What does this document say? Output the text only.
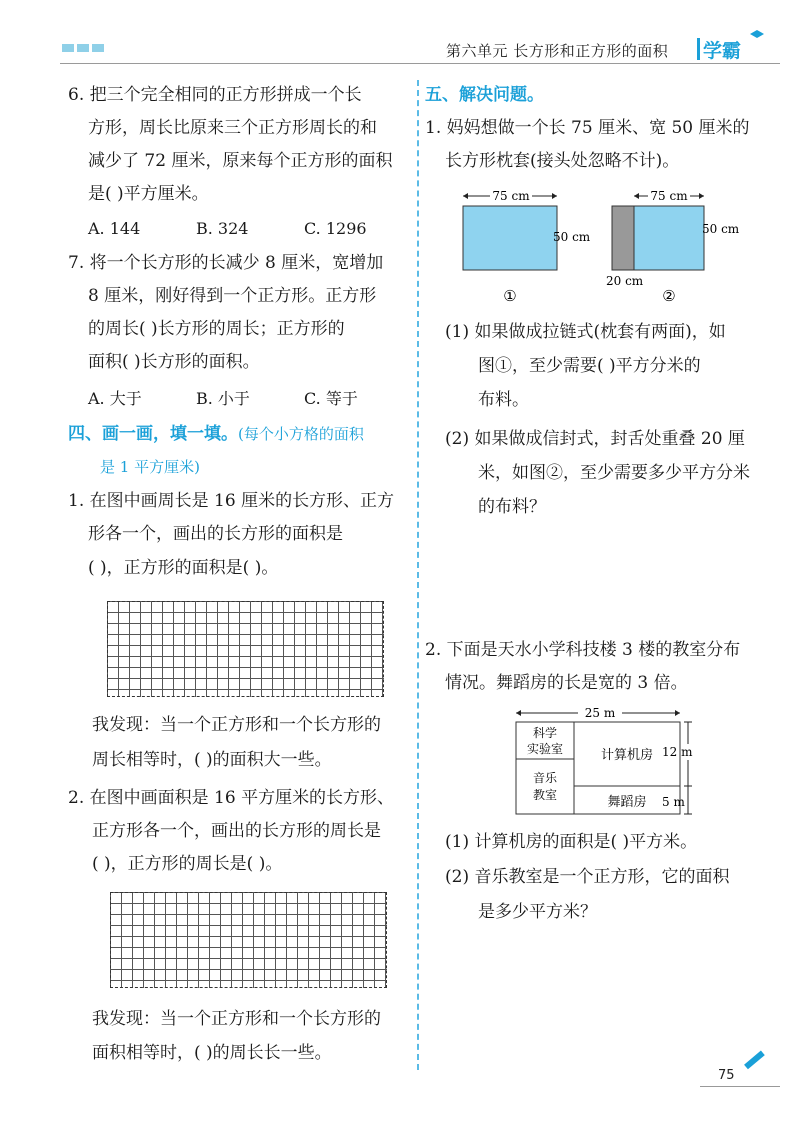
第六单元 长方形和正方形的面积 学霸
6. 把三个完全相同的正方形拼成一个长
方形，周长比原来三个正方形周长的和
减少了 72 厘米，原来每个正方形的面积
是( )平方厘米。
A. 144	B. 324	C. 1296
7. 将一个长方形的长减少 8 厘米，宽增加
8 厘米，刚好得到一个正方形。正方形
的周长( )长方形的周长；正方形的
面积( )长方形的面积。
A. 大于	B. 小于	C. 等于
四、画一画，填一填。(每个小方格的面积
是 1 平方厘米)
1. 在图中画周长是 16 厘米的长方形、正方
形各一个，画出的长方形的面积是
( )，正方形的面积是( )。
我发现：当一个正方形和一个长方形的
周长相等时，( )的面积大一些。
2. 在图中画面积是 16 平方厘米的长方形、
正方形各一个，画出的长方形的周长是
( )，正方形的周长是( )。
我发现：当一个正方形和一个长方形的
面积相等时，( )的周长长一些。
五、解决问题。
1. 妈妈想做一个长 75 厘米、宽 50 厘米的
长方形枕套(接头处忽略不计)。
75 cm
50 cm
①
75 cm
50 cm
20 cm
②
(1) 如果做成拉链式(枕套有两面)，如
图①，至少需要( )平方分米的
布料。
(2) 如果做成信封式，封舌处重叠 20 厘
米，如图②，至少需要多少平方分米
的布料？
2. 下面是天水小学科技楼 3 楼的教室分布
情况。舞蹈房的长是宽的 3 倍。
25 m
科学
实验室	计算机房
音乐
教室	舞蹈房
12 m
5 m
(1) 计算机房的面积是( )平方米。
(2) 音乐教室是一个正方形，它的面积
是多少平方米？
75
